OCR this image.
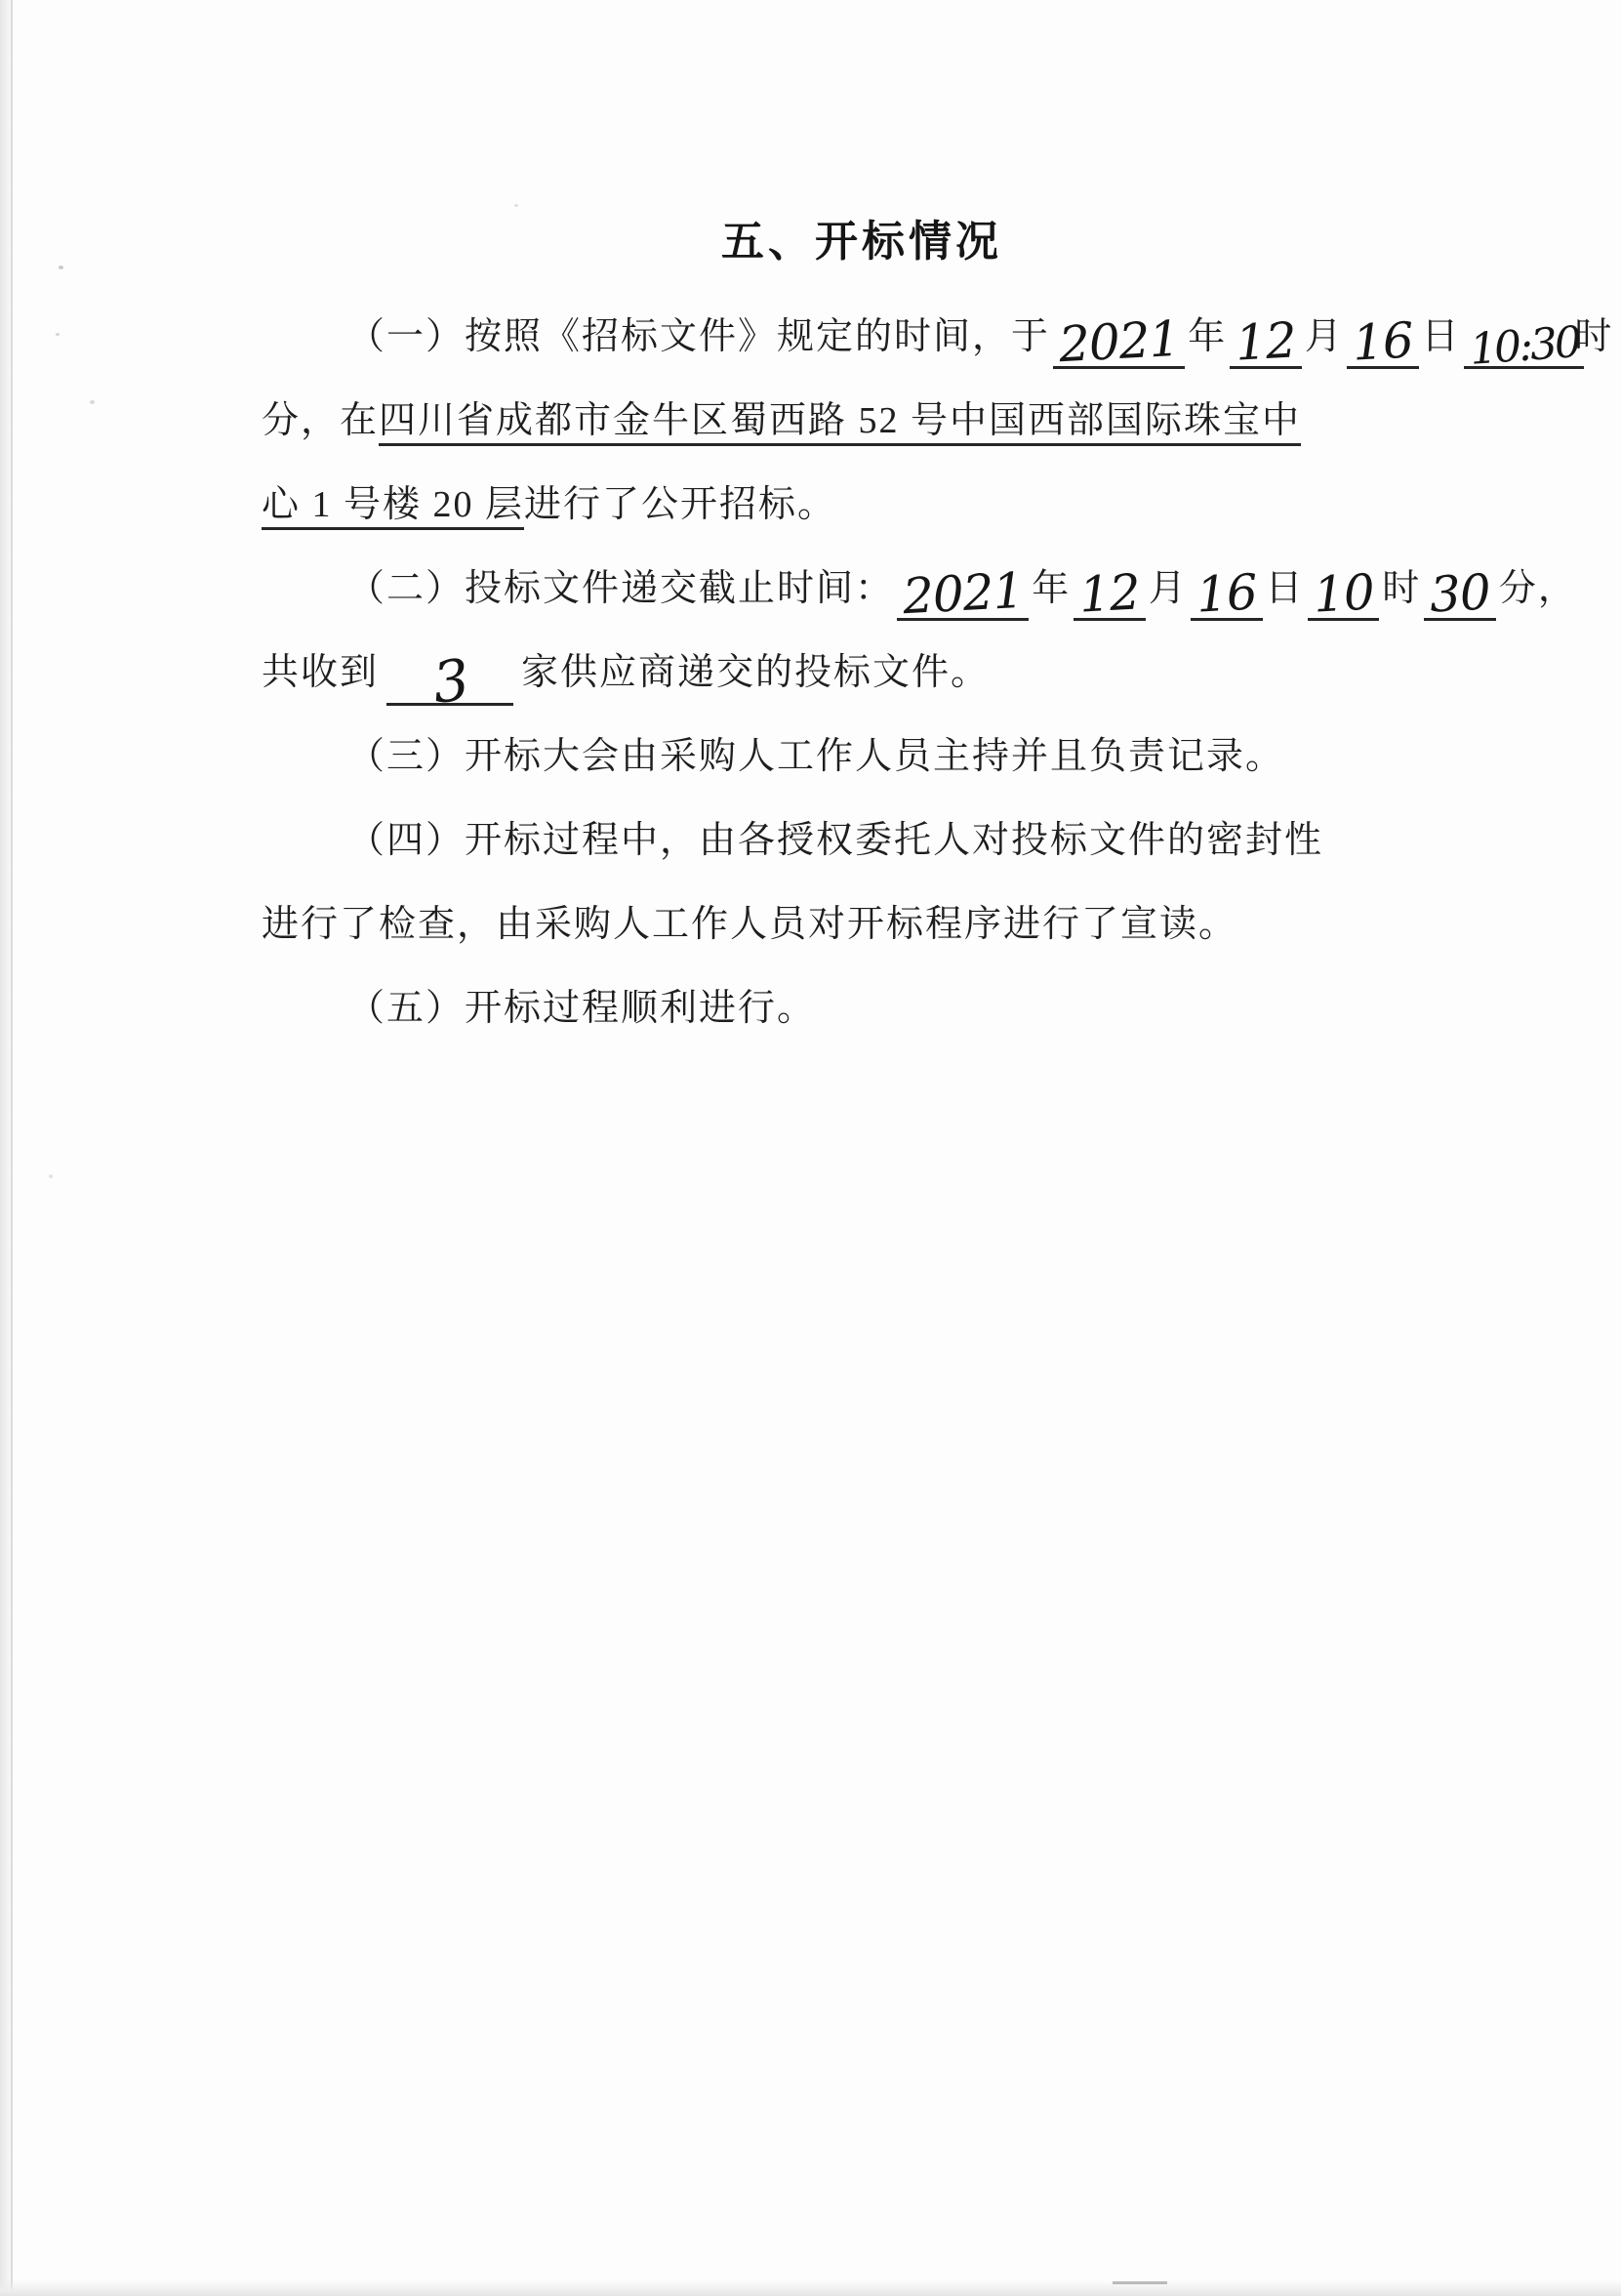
五、开标情况
（一）按照《招标文件》规定的时间，于 2021 年 12 月 16 日 10:30时
分，在四川省成都市金牛区蜀西路 52 号中国西部国际珠宝中
心 1 号楼 20 层进行了公开招标。
（二）投标文件递交截止时间： 2021 年 12 月 16 日 10 时 30 分，
共收到 3 家供应商递交的投标文件。
（三）开标大会由采购人工作人员主持并且负责记录。
（四）开标过程中，由各授权委托人对投标文件的密封性
进行了检查，由采购人工作人员对开标程序进行了宣读。
（五）开标过程顺利进行。
